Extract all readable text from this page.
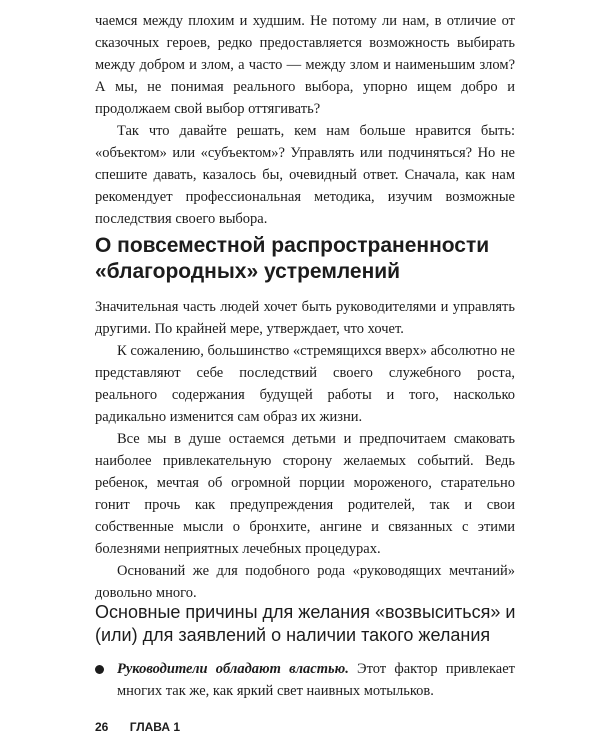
чаемся между плохим и худшим. Не потому ли нам, в отличие от сказочных героев, редко предоставляется возможность выбирать между добром и злом, а часто — между злом и наименьшим злом? А мы, не понимая реального выбора, упорно ищем добро и продолжаем свой выбор оттягивать?

Так что давайте решать, кем нам больше нравится быть: «объектом» или «субъектом»? Управлять или подчиняться? Но не спешите давать, казалось бы, очевидный ответ. Сначала, как нам рекомендует профессиональная методика, изучим возможные последствия своего выбора.

О повсеместной распространенности «благородных» устремлений

Значительная часть людей хочет быть руководителями и управлять другими. По крайней мере, утверждает, что хочет.

К сожалению, большинство «стремящихся вверх» абсолютно не представляют себе последствий своего служебного роста, реального содержания будущей работы и того, насколько радикально изменится сам образ их жизни.

Все мы в душе остаемся детьми и предпочитаем смаковать наиболее привлекательную сторону желаемых событий. Ведь ребенок, мечтая об огромной порции мороженого, старательно гонит прочь как предупреждения родителей, так и свои собственные мысли о бронхите, ангине и связанных с этими болезнями неприятных лечебных процедурах.

Оснований же для подобного рода «руководящих мечтаний» довольно много.

Основные причины для желания «возвыситься» и (или) для заявлений о наличии такого желания
Руководители обладают властью. Этот фактор привлекает многих так же, как яркий свет наивных мотыльков.
26 ГЛАВА 1
